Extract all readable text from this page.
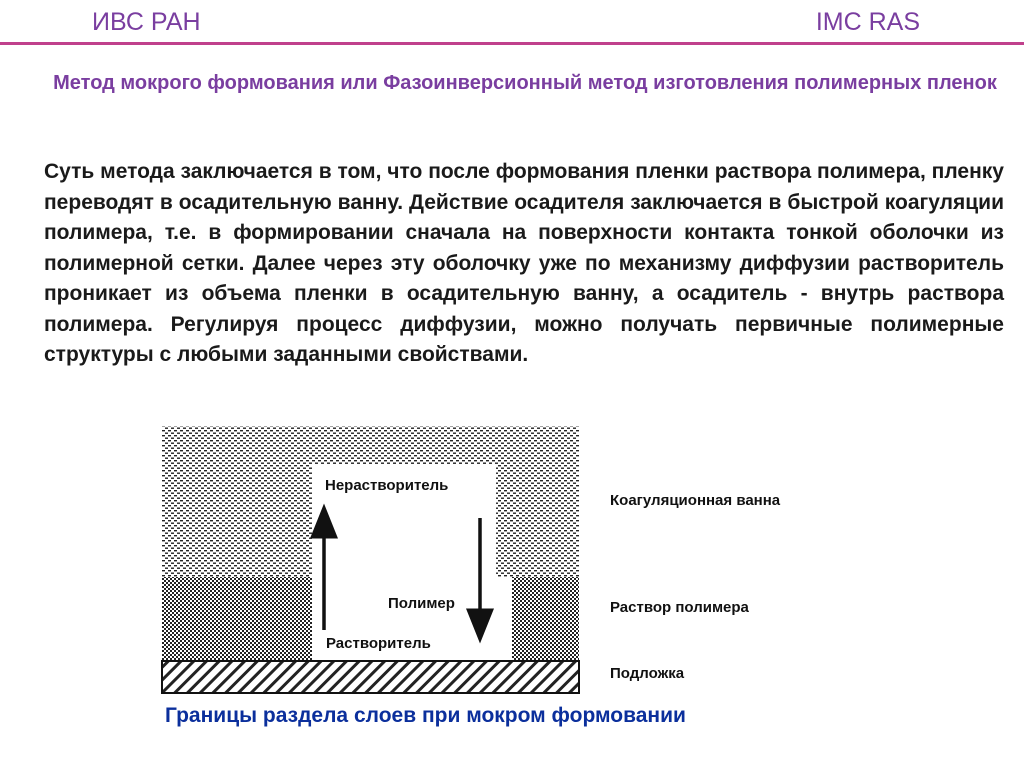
ИВС РАН	IMC RAS
Метод мокрого формования или Фазоинверсионный метод изготовления полимерных пленок
Суть метода заключается в том, что после формования пленки раствора полимера, пленку переводят в осадительную ванну. Действие осадителя заключается в быстрой коагуляции полимера, т.е. в формировании сначала на поверхности контакта тонкой оболочки из полимерной сетки. Далее через эту оболочку уже по механизму диффузии растворитель проникает из объема пленки в осадительную ванну, а осадитель - внутрь раствора полимера. Регулируя процесс диффузии, можно получать первичные полимерные структуры с любыми заданными свойствами.
Нерастворитель
Полимер
Растворитель
Коагуляционная ванна
Раствор полимера
Подложка
Границы раздела слоев при мокром формовании
